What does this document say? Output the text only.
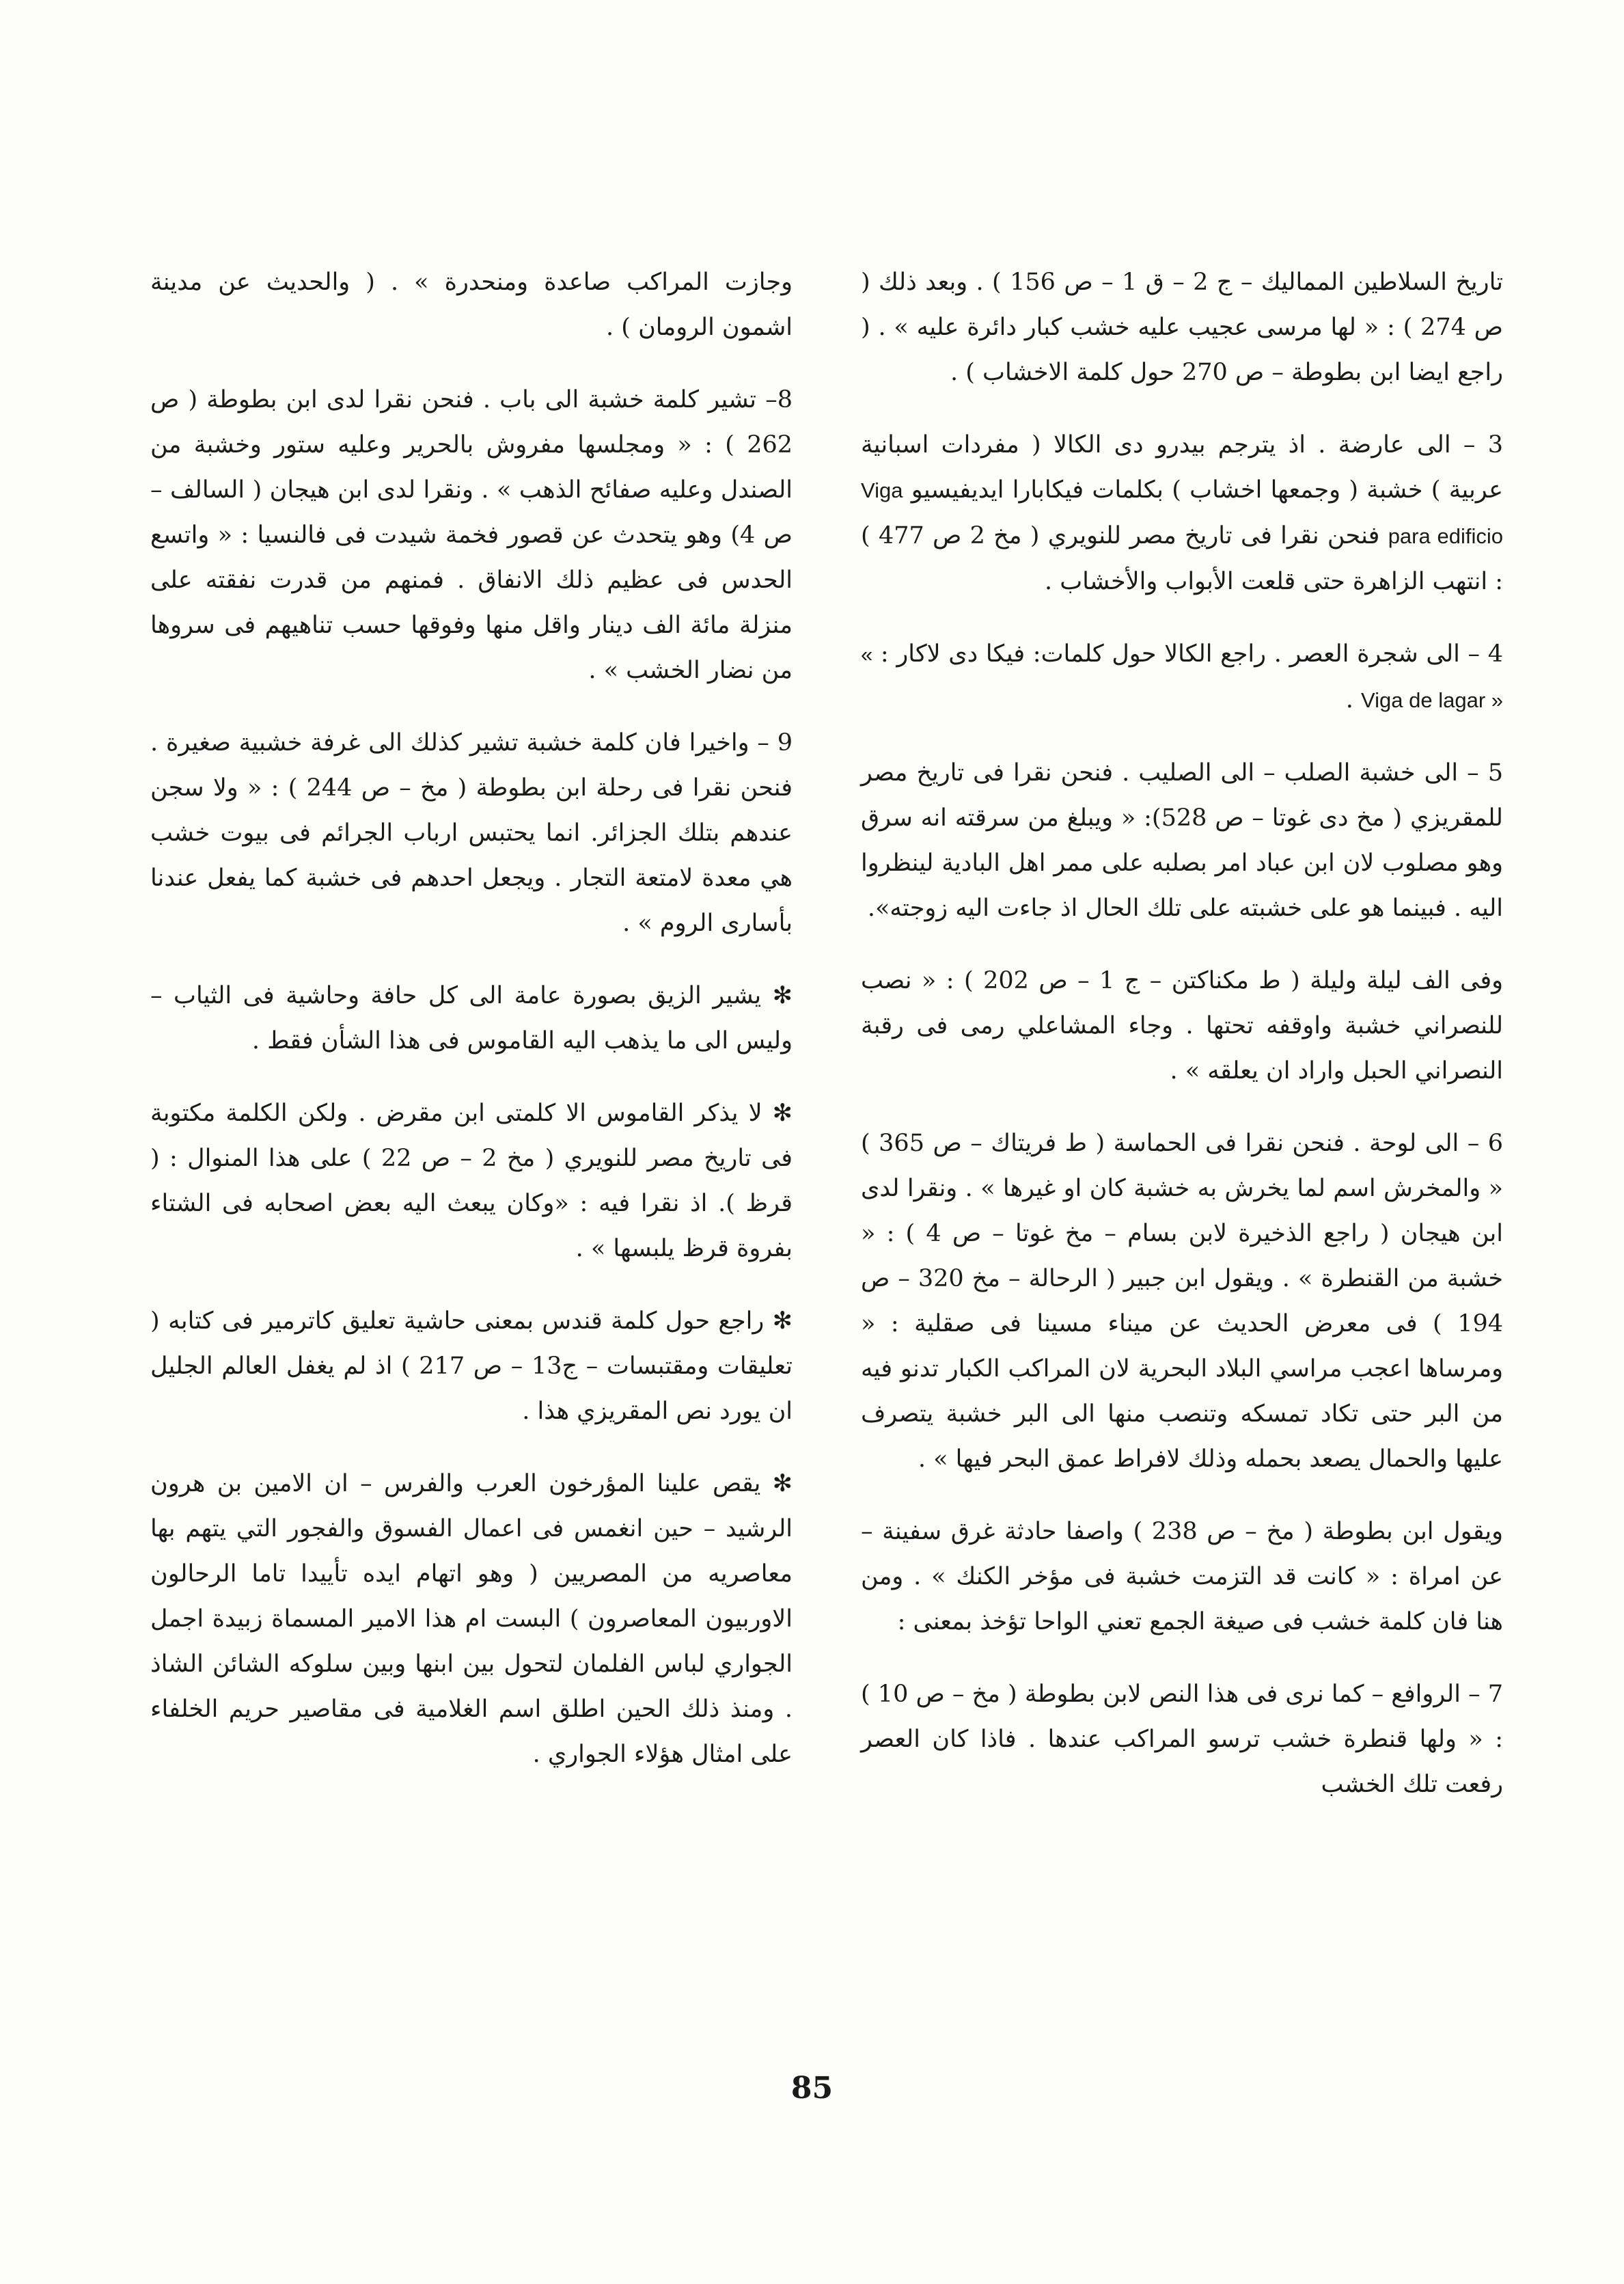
تاريخ السلاطين المماليك – ج 2 – ق 1 – ص 156 ) . وبعد ذلك ( ص 274 ) : « لها مرسى عجيب عليه خشب كبار دائرة عليه » . ( راجع ايضا ابن بطوطة – ص 270 حول كلمة الاخشاب ) .

3 – الى عارضة . اذ يترجم بيدرو دى الكالا ( مفردات اسبانية عربية ) خشبة ( وجمعها اخشاب ) بكلمات فيكابارا ايديفيسيو Viga para edificio فنحن نقرا فى تاريخ مصر للنويري ( مخ 2 ص 477 ) : انتهب الزاهرة حتى قلعت الأبواب والأخشاب .

4 – الى شجرة العصر . راجع الكالا حول كلمات: فيكا دى لاكار : « Viga de lagar » .

5 – الى خشبة الصلب – الى الصليب . فنحن نقرا فى تاريخ مصر للمقريزي ( مخ دى غوتا – ص 528): « ويبلغ من سرقته انه سرق وهو مصلوب لان ابن عباد امر بصلبه على ممر اهل البادية لينظروا اليه . فبينما هو على خشبته على تلك الحال اذ جاءت اليه زوجته».

وفى الف ليلة وليلة ( ط مكناكتن – ج 1 – ص 202 ) : « نصب للنصراني خشبة واوقفه تحتها . وجاء المشاعلي رمى فى رقبة النصراني الحبل واراد ان يعلقه » .

6 – الى لوحة . فنحن نقرا فى الحماسة ( ط فريتاك – ص 365 ) « والمخرش اسم لما يخرش به خشبة كان او غيرها » . ونقرا لدى ابن هيجان ( راجع الذخيرة لابن بسام – مخ غوتا – ص 4 ) : « خشبة من القنطرة » . ويقول ابن جبير ( الرحالة – مخ 320 – ص 194 ) فى معرض الحديث عن ميناء مسينا فى صقلية : « ومرساها اعجب مراسي البلاد البحرية لان المراكب الكبار تدنو فيه من البر حتى تكاد تمسكه وتنصب منها الى البر خشبة يتصرف عليها والحمال يصعد بحمله وذلك لافراط عمق البحر فيها » .

ويقول ابن بطوطة ( مخ – ص 238 ) واصفا حادثة غرق سفينة – عن امراة : « كانت قد التزمت خشبة فى مؤخر الكنك » . ومن هنا فان كلمة خشب فى صيغة الجمع تعني الواحا تؤخذ بمعنى :

7 – الروافع – كما نرى فى هذا النص لابن بطوطة ( مخ – ص 10 ) : « ولها قنطرة خشب ترسو المراكب عندها . فاذا كان العصر رفعت تلك الخشب

وجازت المراكب صاعدة ومنحدرة » . ( والحديث عن مدينة اشمون الرومان ) .

8– تشير كلمة خشبة الى باب . فنحن نقرا لدى ابن بطوطة ( ص 262 ) : « ومجلسها مفروش بالحرير وعليه ستور وخشبة من الصندل وعليه صفائح الذهب » . ونقرا لدى ابن هيجان ( السالف – ص 4) وهو يتحدث عن قصور فخمة شيدت فى فالنسيا : « واتسع الحدس فى عظيم ذلك الانفاق . فمنهم من قدرت نفقته على منزلة مائة الف دينار واقل منها وفوقها حسب تناهيهم فى سروها من نضار الخشب » .

9 – واخيرا فان كلمة خشبة تشير كذلك الى غرفة خشبية صغيرة . فنحن نقرا فى رحلة ابن بطوطة ( مخ – ص 244 ) : « ولا سجن عندهم بتلك الجزائر. انما يحتبس ارباب الجرائم فى بيوت خشب هي معدة لامتعة التجار . ويجعل احدهم فى خشبة كما يفعل عندنا بأسارى الروم » .

✻ يشير الزيق بصورة عامة الى كل حافة وحاشية فى الثياب – وليس الى ما يذهب اليه القاموس فى هذا الشأن فقط .

✻ لا يذكر القاموس الا كلمتى ابن مقرض . ولكن الكلمة مكتوبة فى تاريخ مصر للنويري ( مخ 2 – ص 22 ) على هذا المنوال : ( قرظ ). اذ نقرا فيه : «وكان يبعث اليه بعض اصحابه فى الشتاء بفروة قرظ يلبسها » .

✻ راجع حول كلمة قندس بمعنى حاشية تعليق كاترمير فى كتابه ( تعليقات ومقتبسات – ج13 – ص 217 ) اذ لم يغفل العالم الجليل ان يورد نص المقريزي هذا .

✻ يقص علينا المؤرخون العرب والفرس – ان الامين بن هرون الرشيد – حين انغمس فى اعمال الفسوق والفجور التي يتهم بها معاصريه من المصريين ( وهو اتهام ايده تأييدا تاما الرحالون الاوربيون المعاصرون ) البست ام هذا الامير المسماة زبيدة اجمل الجواري لباس الفلمان لتحول بين ابنها وبين سلوكه الشائن الشاذ . ومنذ ذلك الحين اطلق اسم الغلامية فى مقاصير حريم الخلفاء على امثال هؤلاء الجواري .

85
